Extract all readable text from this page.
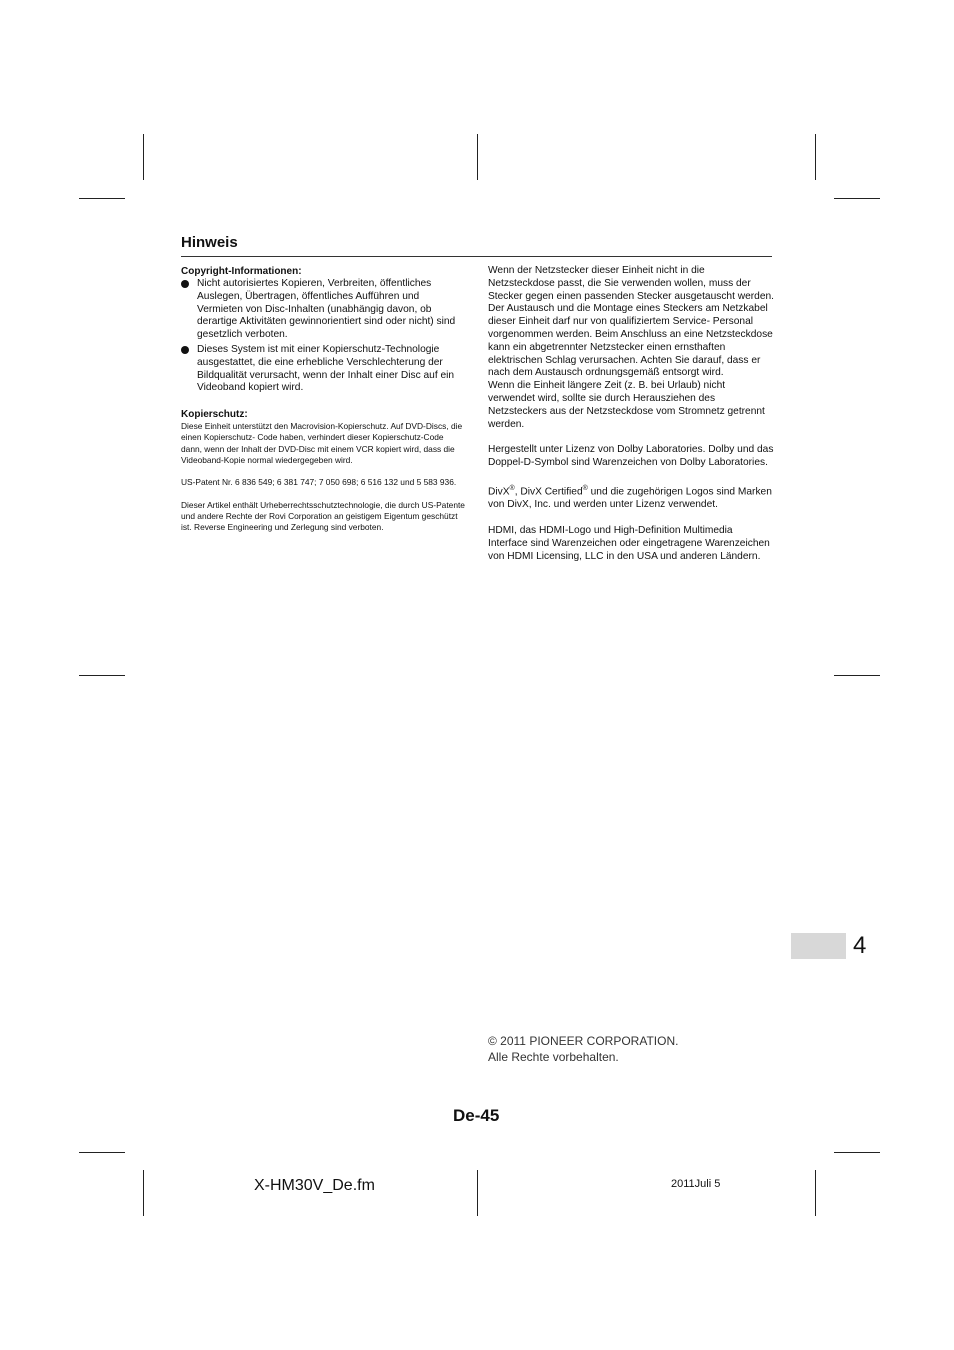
Hinweis

Copyright-Informationen:

Nicht autorisiertes Kopieren, Verbreiten, öffentliches Auslegen, Übertragen, öffentliches Aufführen und Vermieten von Disc-Inhalten (unabhängig davon, ob derartige Aktivitäten gewinnorientiert sind oder nicht) sind gesetzlich verboten.
Dieses System ist mit einer Kopierschutz-Technologie ausgestattet, die eine erhebliche Verschlechterung der Bildqualität verursacht, wenn der Inhalt einer Disc auf ein Videoband kopiert wird.

Kopierschutz:

Diese Einheit unterstützt den Macrovision-Kopierschutz. Auf DVD-Discs, die einen Kopierschutz- Code haben, verhindert dieser Kopierschutz-Code dann, wenn der Inhalt der DVD-Disc mit einem VCR kopiert wird, dass die Videoband-Kopie normal wiedergegeben wird.

US-Patent Nr. 6 836 549; 6 381 747; 7 050 698; 6 516 132 und 5 583 936.

Dieser Artikel enthält Urheberrechtsschutztechnologie, die durch US-Patente und andere Rechte der Rovi Corporation an geistigem Eigentum geschützt ist. Reverse Engineering und Zerlegung sind verboten.

Wenn der Netzstecker dieser Einheit nicht in die Netzsteckdose passt, die Sie verwenden wollen, muss der Stecker gegen einen passenden Stecker ausgetauscht werden. Der Austausch und die Montage eines Steckers am Netzkabel dieser Einheit darf nur von qualifiziertem Service- Personal vorgenommen werden. Beim Anschluss an eine Netzsteckdose kann ein abgetrennter Netzstecker einen ernsthaften elektrischen Schlag verursachen. Achten Sie darauf, dass er nach dem Austausch ordnungsgemäß entsorgt wird.

Wenn die Einheit längere Zeit (z. B. bei Urlaub) nicht verwendet wird, sollte sie durch Herausziehen des Netzsteckers aus der Netzsteckdose vom Stromnetz getrennt werden.

Hergestellt unter Lizenz von Dolby Laboratories. Dolby und das Doppel-D-Symbol sind Warenzeichen von Dolby Laboratories.

DivX®, DivX Certified® und die zugehörigen Logos sind Marken von DivX, Inc. und werden unter Lizenz verwendet.

HDMI, das HDMI-Logo und High-Definition Multimedia Interface sind Warenzeichen oder eingetragene Warenzeichen von HDMI Licensing, LLC in den USA und anderen Ländern.

4
© 2011 PIONEER CORPORATION.
Alle Rechte vorbehalten.
De-45
X-HM30V_De.fm	2011Juli 5
